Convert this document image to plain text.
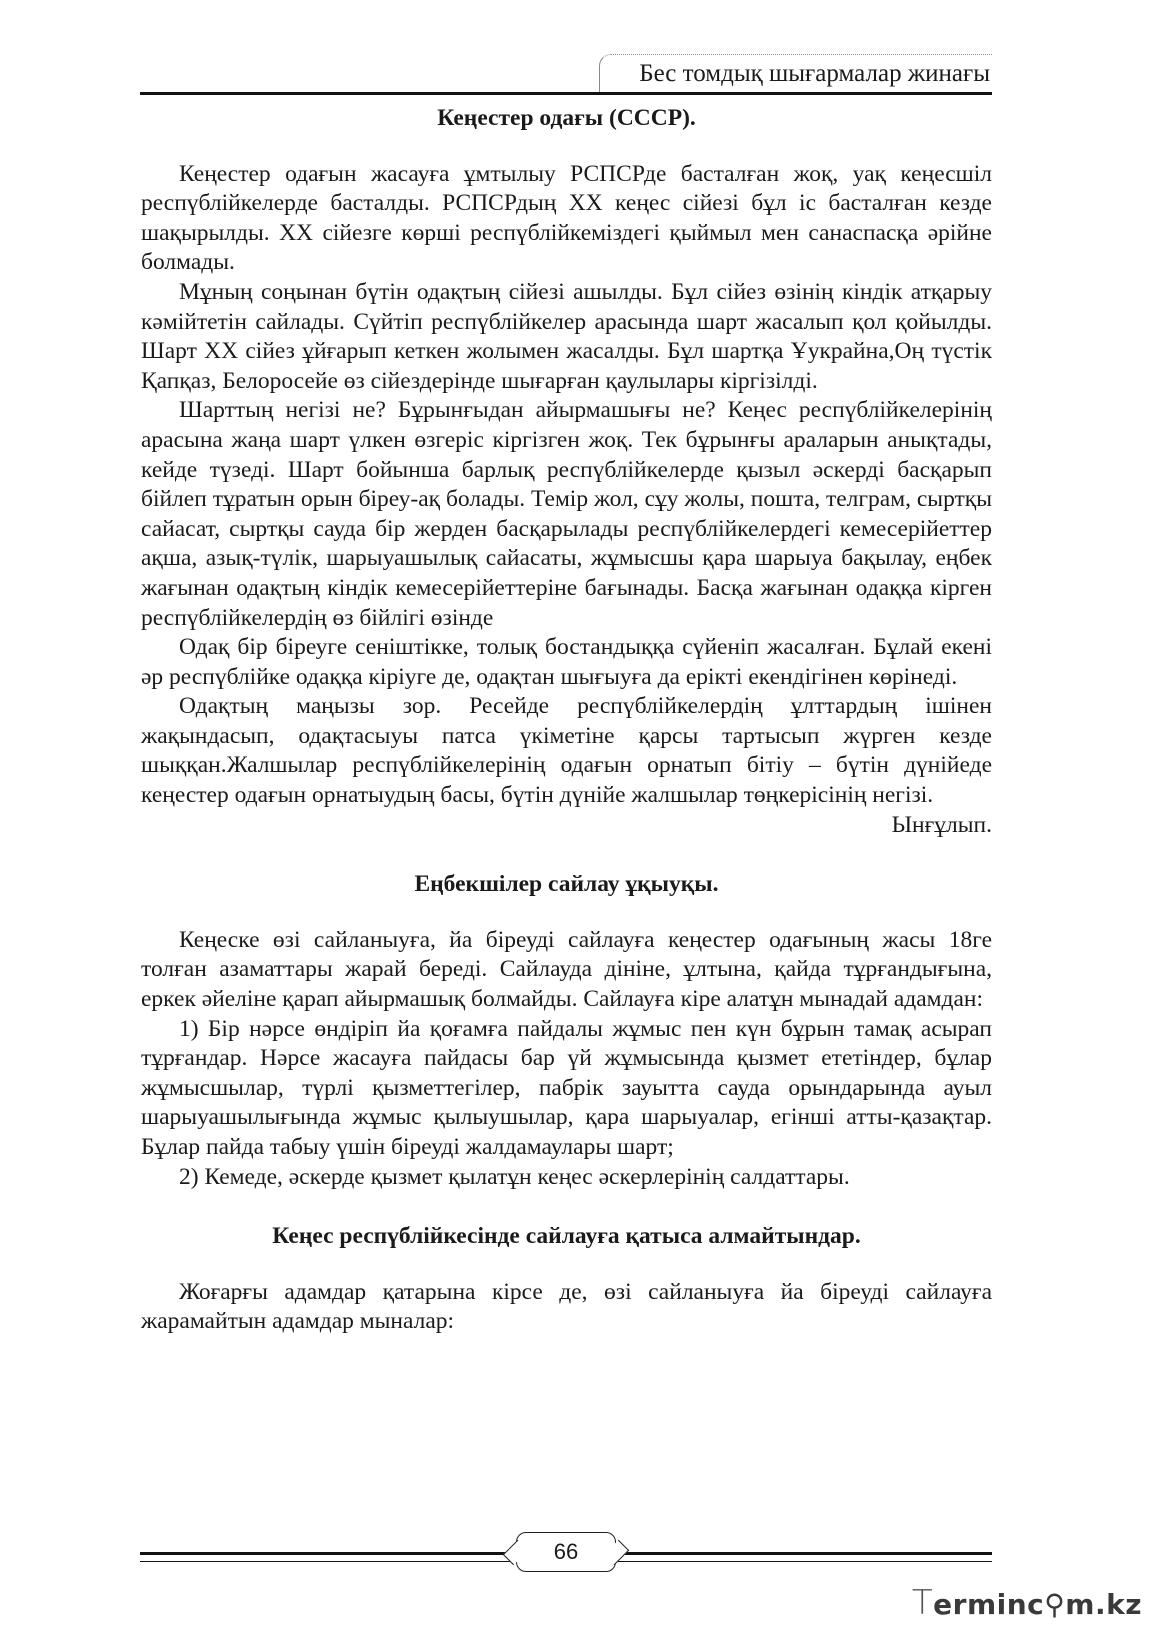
Бес томдық шығармалар жинағы
Кеңестер одағы (СССР).

Кеңестер одағын жасауға ұмтылыу РСПСРде басталған жоқ, уақ кеңесшіл респүблійкелерде басталды. РСПСРдың XX кеңес сійезі бұл іс басталған кезде шақырылды. XX сійезге көрші респүблійкеміздегі қыймыл мен санаспасқа әрійне болмады.

Мұның соңынан бүтін одақтың сійезі ашылды. Бұл сійез өзінің кіндік атқарыу кәмійтетін сайлады. Сүйтіп респүблійкелер арасында шарт жасалып қол қойылды. Шарт XX сійез ұйғарып кеткен жолымен жасалды. Бұл шартқа Ұукрайна,Оң түстік Қапқаз, Белоросейе өз сійездерінде шығарған қаулылары кіргізілді.

Шарттың негізі не? Бұрынғыдан айырмашығы не? Кеңес респүблійкелерінің арасына жаңа шарт үлкен өзгеріс кіргізген жоқ. Тек бұрынғы араларын анықтады, кейде түзеді. Шарт бойынша барлық респүблійкелерде қызыл әскерді басқарып бійлеп тұратын орын біреу-ақ болады. Темір жол, сұу жолы, пошта, телграм, сыртқы сайасат, сыртқы сауда бір жерден басқарылады респүблійкелердегі кемесерійеттер ақша, азық-түлік, шарыуашылық сайасаты, жұмысшы қара шарыуа бақылау, еңбек жағынан одақтың кіндік кемесерійеттеріне бағынады. Басқа жағынан одаққа кірген респүблійкелердің өз бійлігі өзінде

Одақ бір біреуге сеніштікке, толық бостандыққа сүйеніп жасалған. Бұлай екені әр респүблійке одаққа кіріуге де, одақтан шығыуға да ерікті екендігінен көрінеді.

Одақтың маңызы зор. Ресейде респүблійкелердің ұлттардың ішінен жақындасып, одақтасыуы патса үкіметіне қарсы тартысып жүрген кезде шыққан.Жалшылар респүблійкелерінің одағын орнатып бітіу – бүтін дүнійеде кеңестер одағын орнатыудың басы, бүтін дүнійе жалшылар төңкерісінің негізі.

Ынғұлып.

Еңбекшілер сайлау ұқыуқы.

Кеңеске өзі сайланыуға, йа біреуді сайлауға кеңестер одағының жасы 18ге толған азаматтары жарай береді. Сайлауда дініне, ұлтына, қайда тұрғандығына, еркек әйеліне қарап айырмашық болмайды. Сайлауға кіре алатұн мынадай адамдан:

1) Бір нәрсе өндіріп йа қоғамға пайдалы жұмыс пен күн бұрын тамақ асырап тұрғандар. Нәрсе жасауға пайдасы бар үй жұмысында қызмет ететіндер, бұлар жұмысшылар, түрлі қызметтегілер, пабрік зауытта сауда орындарында ауыл шарыуашылығында жұмыс қылыушылар, қара шарыуалар, егінші атты-қазақтар. Бұлар пайда табыу үшін біреуді жалдамаулары шарт;

2) Кемеде, әскерде қызмет қылатұн кеңес әскерлерінің салдаттары.

Кеңес респүблійкесінде сайлауға қатыса алмайтындар.

Жоғарғы адамдар қатарына кірсе де, өзі сайланыуға йа біреуді сайлауға жарамайтын адамдар мыналар:

66
Terminc⚲m.kz
